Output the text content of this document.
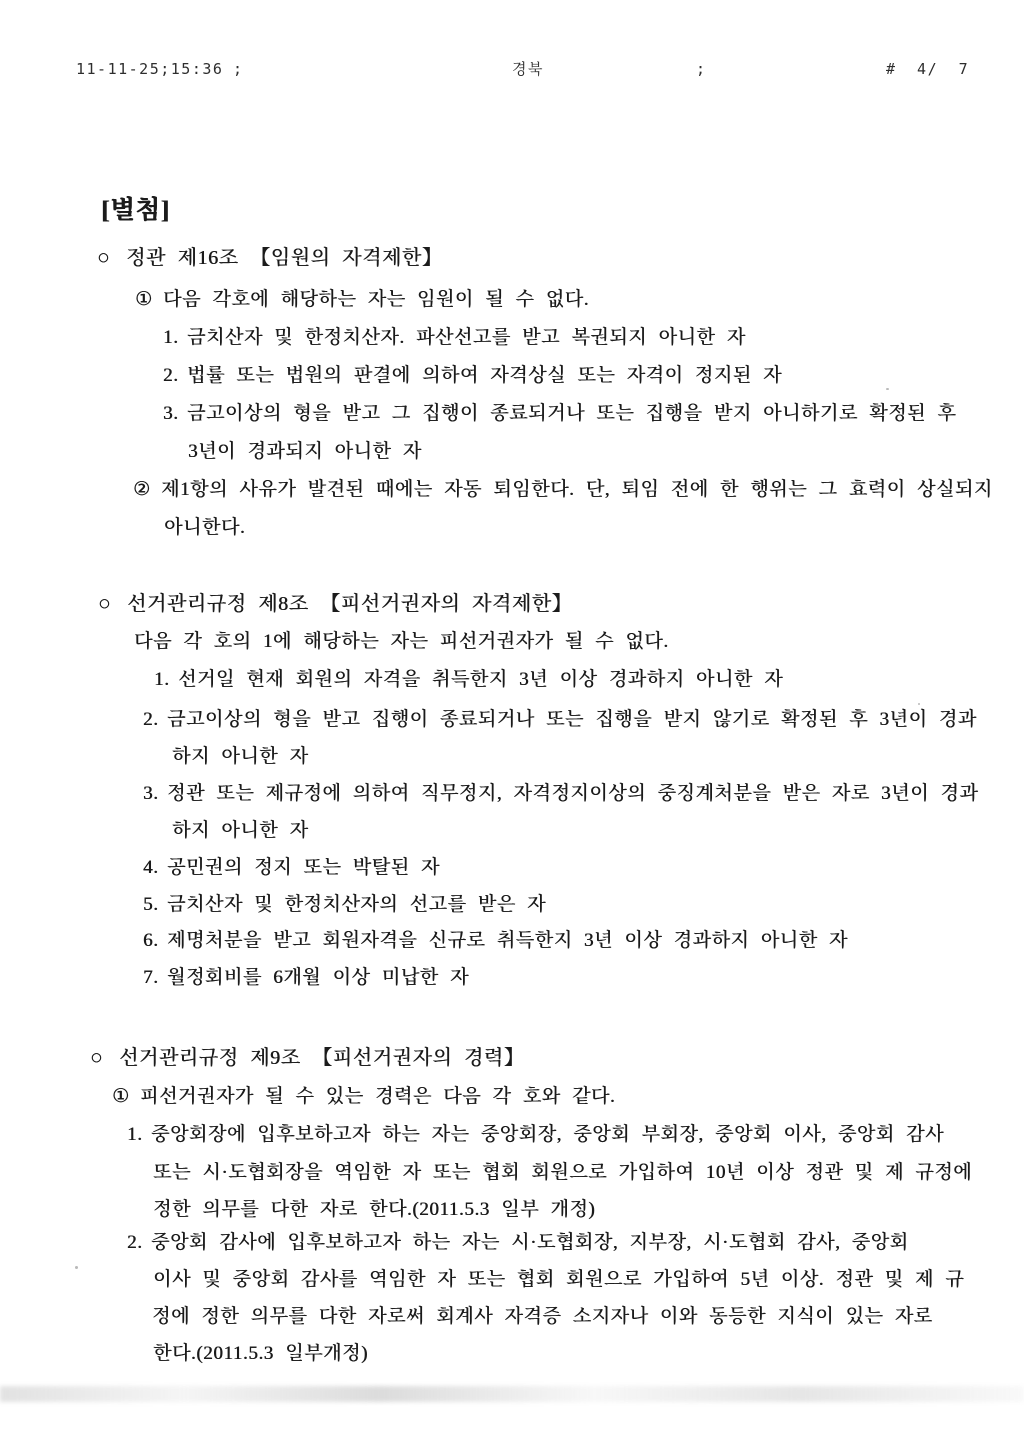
11-11-25;15:36 ;	경북	;	# 4/ 7
[별첨]
○ 정관 제16조 【임원의 자격제한】
① 다음 각호에 해당하는 자는 임원이 될 수 없다.
1. 금치산자 및 한정치산자. 파산선고를 받고 복권되지 아니한 자
2. 법률 또는 법원의 판결에 의하여 자격상실 또는 자격이 정지된 자
3. 금고이상의 형을 받고 그 집행이 종료되거나 또는 집행을 받지 아니하기로 확정된 후
3년이 경과되지 아니한 자
② 제1항의 사유가 발견된 때에는 자동 퇴임한다. 단, 퇴임 전에 한 행위는 그 효력이 상실되지
아니한다.
○ 선거관리규정 제8조 【피선거권자의 자격제한】
다음 각 호의 1에 해당하는 자는 피선거권자가 될 수 없다.
1. 선거일 현재 회원의 자격을 취득한지 3년 이상 경과하지 아니한 자
2. 금고이상의 형을 받고 집행이 종료되거나 또는 집행을 받지 않기로 확정된 후 3년이 경과
하지 아니한 자
3. 정관 또는 제규정에 의하여 직무정지, 자격정지이상의 중징계처분을 받은 자로 3년이 경과
하지 아니한 자
4. 공민권의 정지 또는 박탈된 자
5. 금치산자 및 한정치산자의 선고를 받은 자
6. 제명처분을 받고 회원자격을 신규로 취득한지 3년 이상 경과하지 아니한 자
7. 월정회비를 6개월 이상 미납한 자
○ 선거관리규정 제9조 【피선거권자의 경력】
① 피선거권자가 될 수 있는 경력은 다음 각 호와 같다.
1. 중앙회장에 입후보하고자 하는 자는 중앙회장, 중앙회 부회장, 중앙회 이사, 중앙회 감사
또는 시·도협회장을 역임한 자 또는 협회 회원으로 가입하여 10년 이상 정관 및 제 규정에
정한 의무를 다한 자로 한다.(2011.5.3 일부 개정)
2. 중앙회 감사에 입후보하고자 하는 자는 시·도협회장, 지부장, 시·도협회 감사, 중앙회
이사 및 중앙회 감사를 역임한 자 또는 협회 회원으로 가입하여 5년 이상. 정관 및 제 규
정에 정한 의무를 다한 자로써 회계사 자격증 소지자나 이와 동등한 지식이 있는 자로
한다.(2011.5.3 일부개정)
